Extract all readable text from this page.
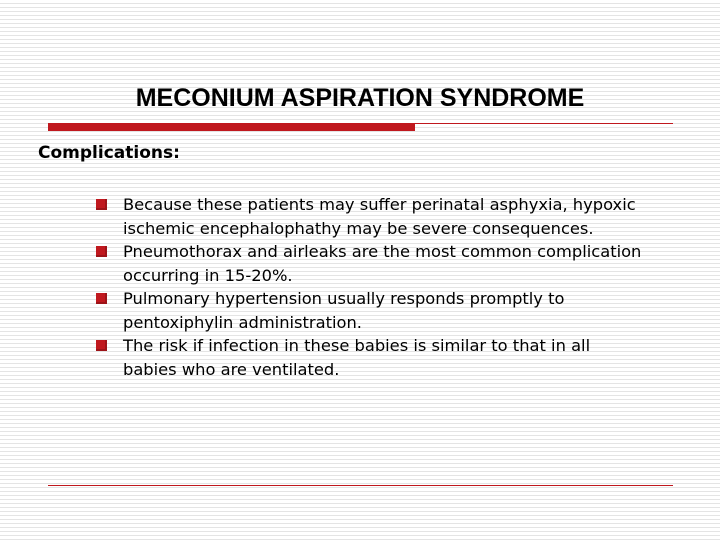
MECONIUM ASPIRATION SYNDROME

Complications:

Because these patients may suffer perinatal asphyxia, hypoxic ischemic encephalophathy may be severe consequences.
Pneumothorax and airleaks are the most common complication occurring in 15-20%.
Pulmonary hypertension usually responds promptly to pentoxiphylin administration.
The risk if infection in these babies is similar to that in all babies who are ventilated.
